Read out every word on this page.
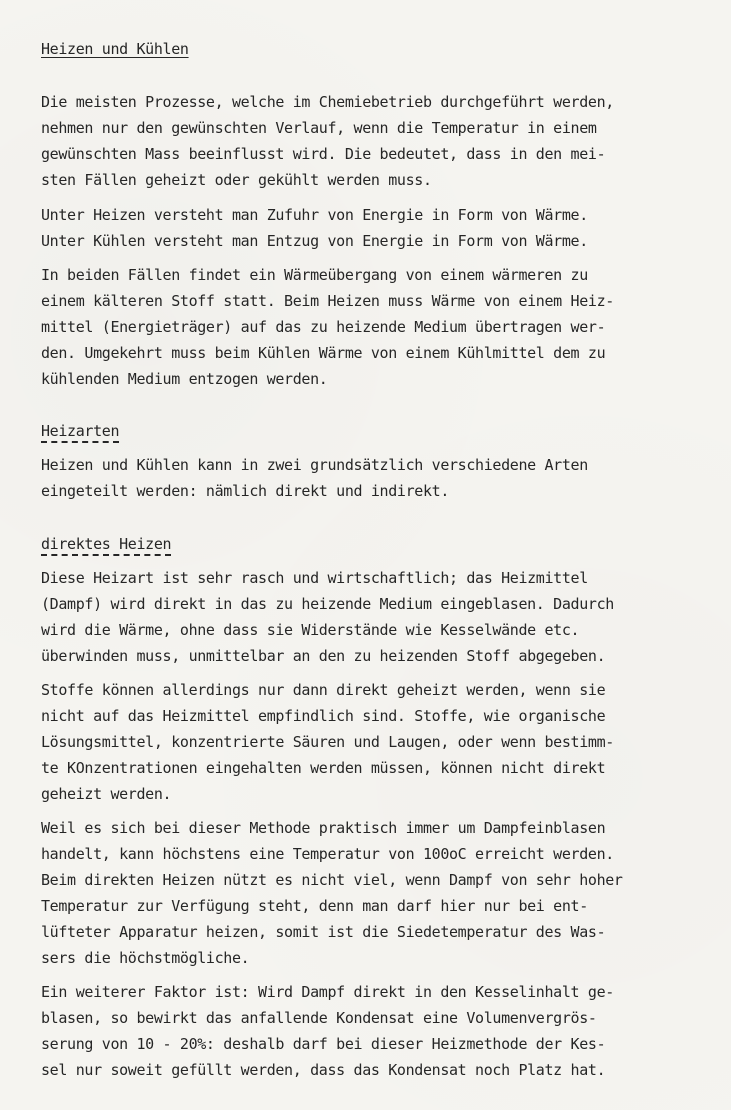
Heizen und Kühlen
Die meisten Prozesse, welche im Chemiebetrieb durchgeführt werden,
nehmen nur den gewünschten Verlauf, wenn die Temperatur in einem
gewünschten Mass beeinflusst wird. Die bedeutet, dass in den mei-
sten Fällen geheizt oder gekühlt werden muss.
Unter Heizen versteht man Zufuhr von Energie in Form von Wärme.
Unter Kühlen versteht man Entzug von Energie in Form von Wärme.
In beiden Fällen findet ein Wärmeübergang von einem wärmeren zu
einem kälteren Stoff statt. Beim Heizen muss Wärme von einem Heiz-
mittel (Energieträger) auf das zu heizende Medium übertragen wer-
den. Umgekehrt muss beim Kühlen Wärme von einem Kühlmittel dem zu
kühlenden Medium entzogen werden.
Heizarten
Heizen und Kühlen kann in zwei grundsätzlich verschiedene Arten
eingeteilt werden: nämlich direkt und indirekt.
direktes Heizen
Diese Heizart ist sehr rasch und wirtschaftlich; das Heizmittel
(Dampf) wird direkt in das zu heizende Medium eingeblasen. Dadurch
wird die Wärme, ohne dass sie Widerstände wie Kesselwände etc.
überwinden muss, unmittelbar an den zu heizenden Stoff abgegeben.
Stoffe können allerdings nur dann direkt geheizt werden, wenn sie
nicht auf das Heizmittel empfindlich sind. Stoffe, wie organische
Lösungsmittel, konzentrierte Säuren und Laugen, oder wenn bestimm-
te KOnzentrationen eingehalten werden müssen, können nicht direkt
geheizt werden.
Weil es sich bei dieser Methode praktisch immer um Dampfeinblasen
handelt, kann höchstens eine Temperatur von 100oC erreicht werden.
Beim direkten Heizen nützt es nicht viel, wenn Dampf von sehr hoher
Temperatur zur Verfügung steht, denn man darf hier nur bei ent-
lüfteter Apparatur heizen, somit ist die Siedetemperatur des Was-
sers die höchstmögliche.
Ein weiterer Faktor ist: Wird Dampf direkt in den Kesselinhalt ge-
blasen, so bewirkt das anfallende Kondensat eine Volumenvergrös-
serung von 10 - 20%: deshalb darf bei dieser Heizmethode der Kes-
sel nur soweit gefüllt werden, dass das Kondensat noch Platz hat.
